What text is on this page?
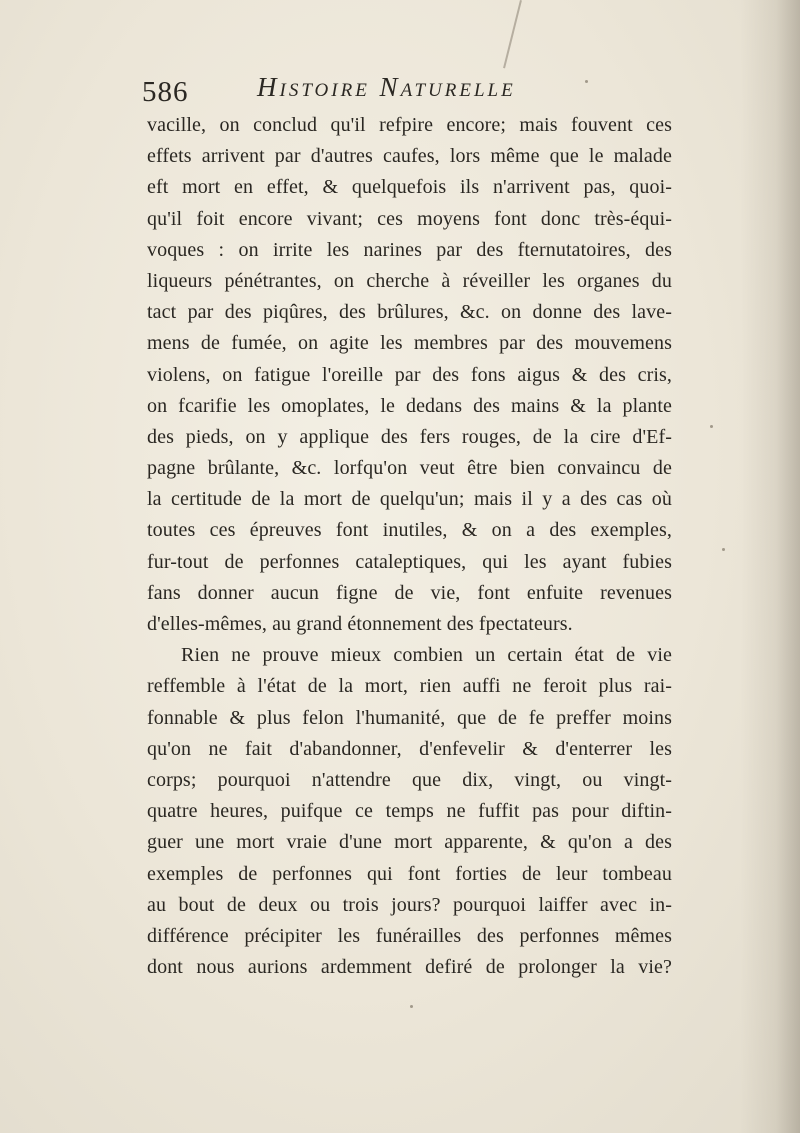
586	Histoire Naturelle
vacille, on conclud qu'il refpire encore; mais fouvent ces
effets arrivent par d'autres caufes, lors même que le malade
eft mort en effet, & quelquefois ils n'arrivent pas, quoi-
qu'il foit encore vivant; ces moyens font donc très-équi-
voques : on irrite les narines par des fternutatoires, des
liqueurs pénétrantes, on cherche à réveiller les organes du
tact par des piqûres, des brûlures, &c. on donne des lave-
mens de fumée, on agite les membres par des mouvemens
violens, on fatigue l'oreille par des fons aigus & des cris,
on fcarifie les omoplates, le dedans des mains & la plante
des pieds, on y applique des fers rouges, de la cire d'Ef-
pagne brûlante, &c. lorfqu'on veut être bien convaincu de
la certitude de la mort de quelqu'un; mais il y a des cas où
toutes ces épreuves font inutiles, & on a des exemples,
fur-tout de perfonnes cataleptiques, qui les ayant fubies
fans donner aucun figne de vie, font enfuite revenues
d'elles-mêmes, au grand étonnement des fpectateurs.
Rien ne prouve mieux combien un certain état de vie
reffemble à l'état de la mort, rien auffi ne feroit plus rai-
fonnable & plus felon l'humanité, que de fe preffer moins
qu'on ne fait d'abandonner, d'enfevelir & d'enterrer les
corps; pourquoi n'attendre que dix, vingt, ou vingt-
quatre heures, puifque ce temps ne fuffit pas pour diftin-
guer une mort vraie d'une mort apparente, & qu'on a des
exemples de perfonnes qui font forties de leur tombeau
au bout de deux ou trois jours? pourquoi laiffer avec in-
différence précipiter les funérailles des perfonnes mêmes
dont nous aurions ardemment defiré de prolonger la vie?
